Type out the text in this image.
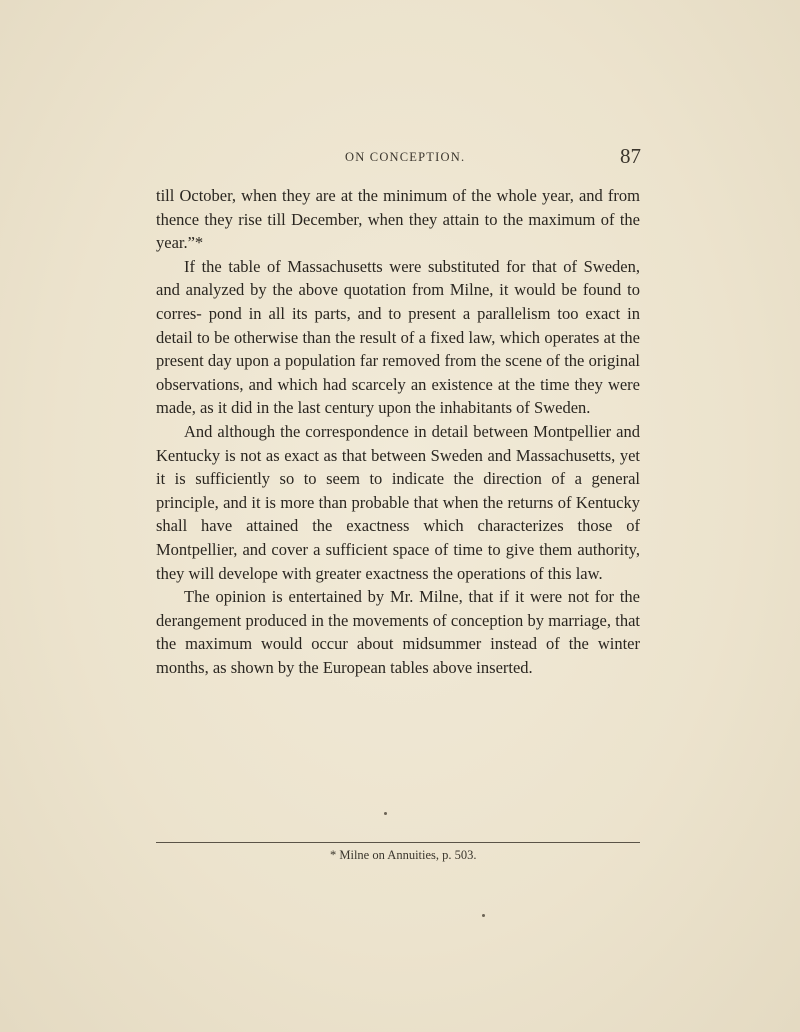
ON CONCEPTION.	87

till October, when they are at the minimum of the whole year, and from thence they rise till December, when they attain to the maximum of the year.”*

If the table of Massachusetts were substituted for that of Sweden, and analyzed by the above quotation from Milne, it would be found to corres- pond in all its parts, and to present a parallelism too exact in detail to be otherwise than the result of a fixed law, which operates at the present day upon a population far removed from the scene of the original observations, and which had scarcely an existence at the time they were made, as it did in the last century upon the inhabitants of Sweden.

And although the correspondence in detail between Montpellier and Kentucky is not as exact as that between Sweden and Massachusetts, yet it is sufficiently so to seem to indicate the direction of a general principle, and it is more than probable that when the returns of Kentucky shall have attained the exactness which characterizes those of Montpellier, and cover a sufficient space of time to give them authority, they will develope with greater exactness the operations of this law.

The opinion is entertained by Mr. Milne, that if it were not for the derangement produced in the movements of conception by marriage, that the maximum would occur about midsummer instead of the winter months, as shown by the European tables above inserted.

* Milne on Annuities, p. 503.
